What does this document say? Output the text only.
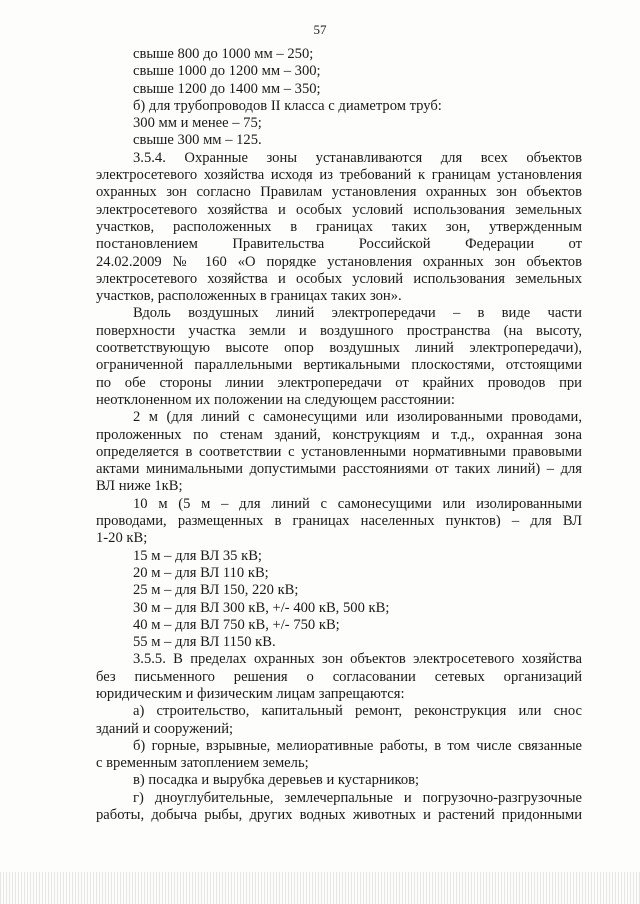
57
свыше 800 до 1000 мм – 250;
свыше 1000 до 1200 мм – 300;
свыше 1200 до 1400 мм – 350;
б) для трубопроводов II класса с диаметром труб:
300 мм и менее – 75;
свыше 300 мм – 125.
3.5.4. Охранные зоны устанавливаются для всех объектов
электросетевого хозяйства исходя из требований к границам установления
охранных зон согласно Правилам установления охранных зон объектов
электросетевого хозяйства и особых условий использования земельных
участков, расположенных в границах таких зон, утвержденным
постановлением Правительства Российской Федерации от
24.02.2009 № 160 «О порядке установления охранных зон объектов
электросетевого хозяйства и особых условий использования земельных
участков, расположенных в границах таких зон».
Вдоль воздушных линий электропередачи – в виде части
поверхности участка земли и воздушного пространства (на высоту,
соответствующую высоте опор воздушных линий электропередачи),
ограниченной параллельными вертикальными плоскостями, отстоящими
по обе стороны линии электропередачи от крайних проводов при
неотклоненном их положении на следующем расстоянии:
2 м (для линий с самонесущими или изолированными проводами,
проложенных по стенам зданий, конструкциям и т.д., охранная зона
определяется в соответствии с установленными нормативными правовыми
актами минимальными допустимыми расстояниями от таких линий) – для
ВЛ ниже 1кВ;
10 м (5 м – для линий с самонесущими или изолированными
проводами, размещенных в границах населенных пунктов) – для ВЛ
1-20 кВ;
15 м – для ВЛ 35 кВ;
20 м – для ВЛ 110 кВ;
25 м – для ВЛ 150, 220 кВ;
30 м – для ВЛ 300 кВ, +/- 400 кВ, 500 кВ;
40 м – для ВЛ 750 кВ, +/- 750 кВ;
55 м – для ВЛ 1150 кВ.
3.5.5. В пределах охранных зон объектов электросетевого хозяйства
без письменного решения о согласовании сетевых организаций
юридическим и физическим лицам запрещаются:
а) строительство, капитальный ремонт, реконструкция или снос
зданий и сооружений;
б) горные, взрывные, мелиоративные работы, в том числе связанные
с временным затоплением земель;
в) посадка и вырубка деревьев и кустарников;
г) дноуглубительные, землечерпальные и погрузочно-разгрузочные
работы, добыча рыбы, других водных животных и растений придонными
